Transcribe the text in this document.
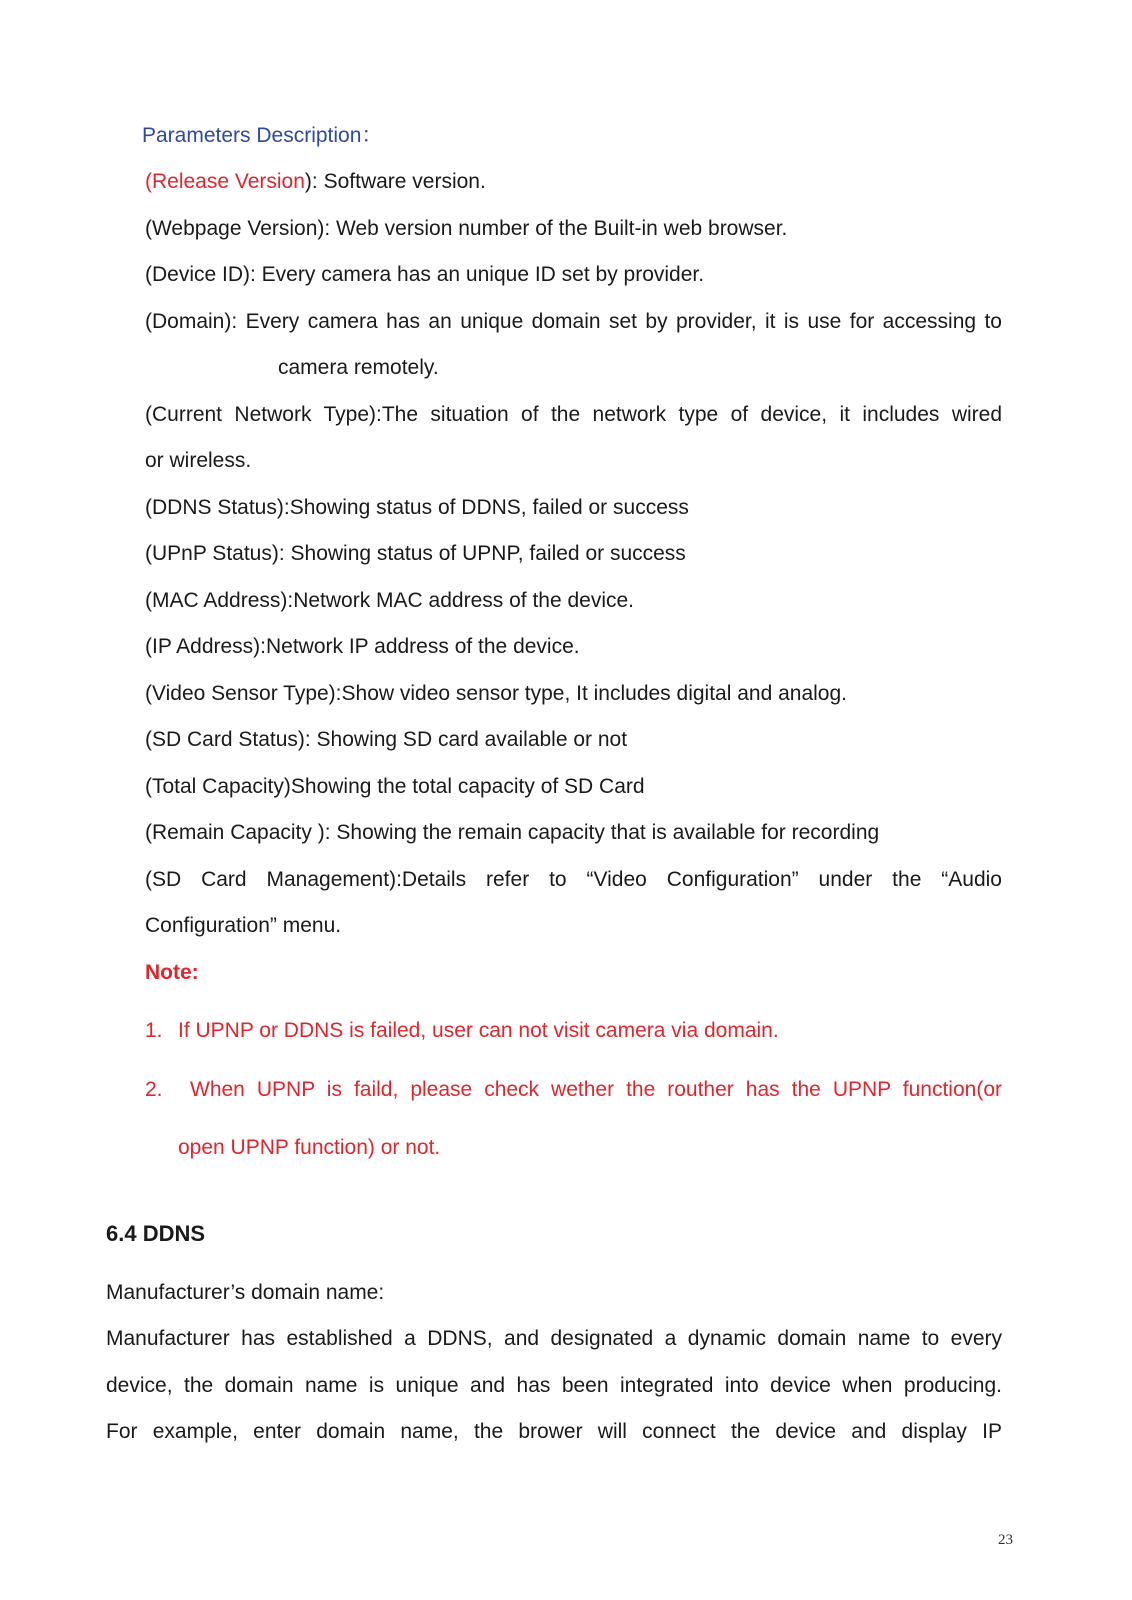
Parameters Description：
(Release Version): Software version.
(Webpage Version): Web version number of the Built-in web browser.
(Device ID): Every camera has an unique ID set by provider.
(Domain): Every camera has an unique domain set by provider, it is use for accessing to
camera remotely.
(Current Network Type):The situation of the network type of device, it includes wired
or wireless.
(DDNS Status):Showing status of DDNS, failed or success
(UPnP Status): Showing status of UPNP, failed or success
(MAC Address):Network MAC address of the device.
(IP Address):Network IP address of the device.
(Video Sensor Type):Show video sensor type, It includes digital and analog.
(SD Card Status): Showing SD card available or not
(Total Capacity)Showing the total capacity of SD Card
(Remain Capacity ): Showing the remain capacity that is available for recording
(SD Card Management):Details refer to “Video Configuration” under the “Audio
Configuration” menu.
Note:
1. If UPNP or DDNS is failed, user can not visit camera via domain.
2. When UPNP is faild, please check wether the routher has the UPNP function(or
open UPNP function) or not.
6.4 DDNS
Manufacturer’s domain name:
Manufacturer has established a DDNS, and designated a dynamic domain name to every
device, the domain name is unique and has been integrated into device when producing.
For example, enter domain name, the brower will connect the device and display IP
23
